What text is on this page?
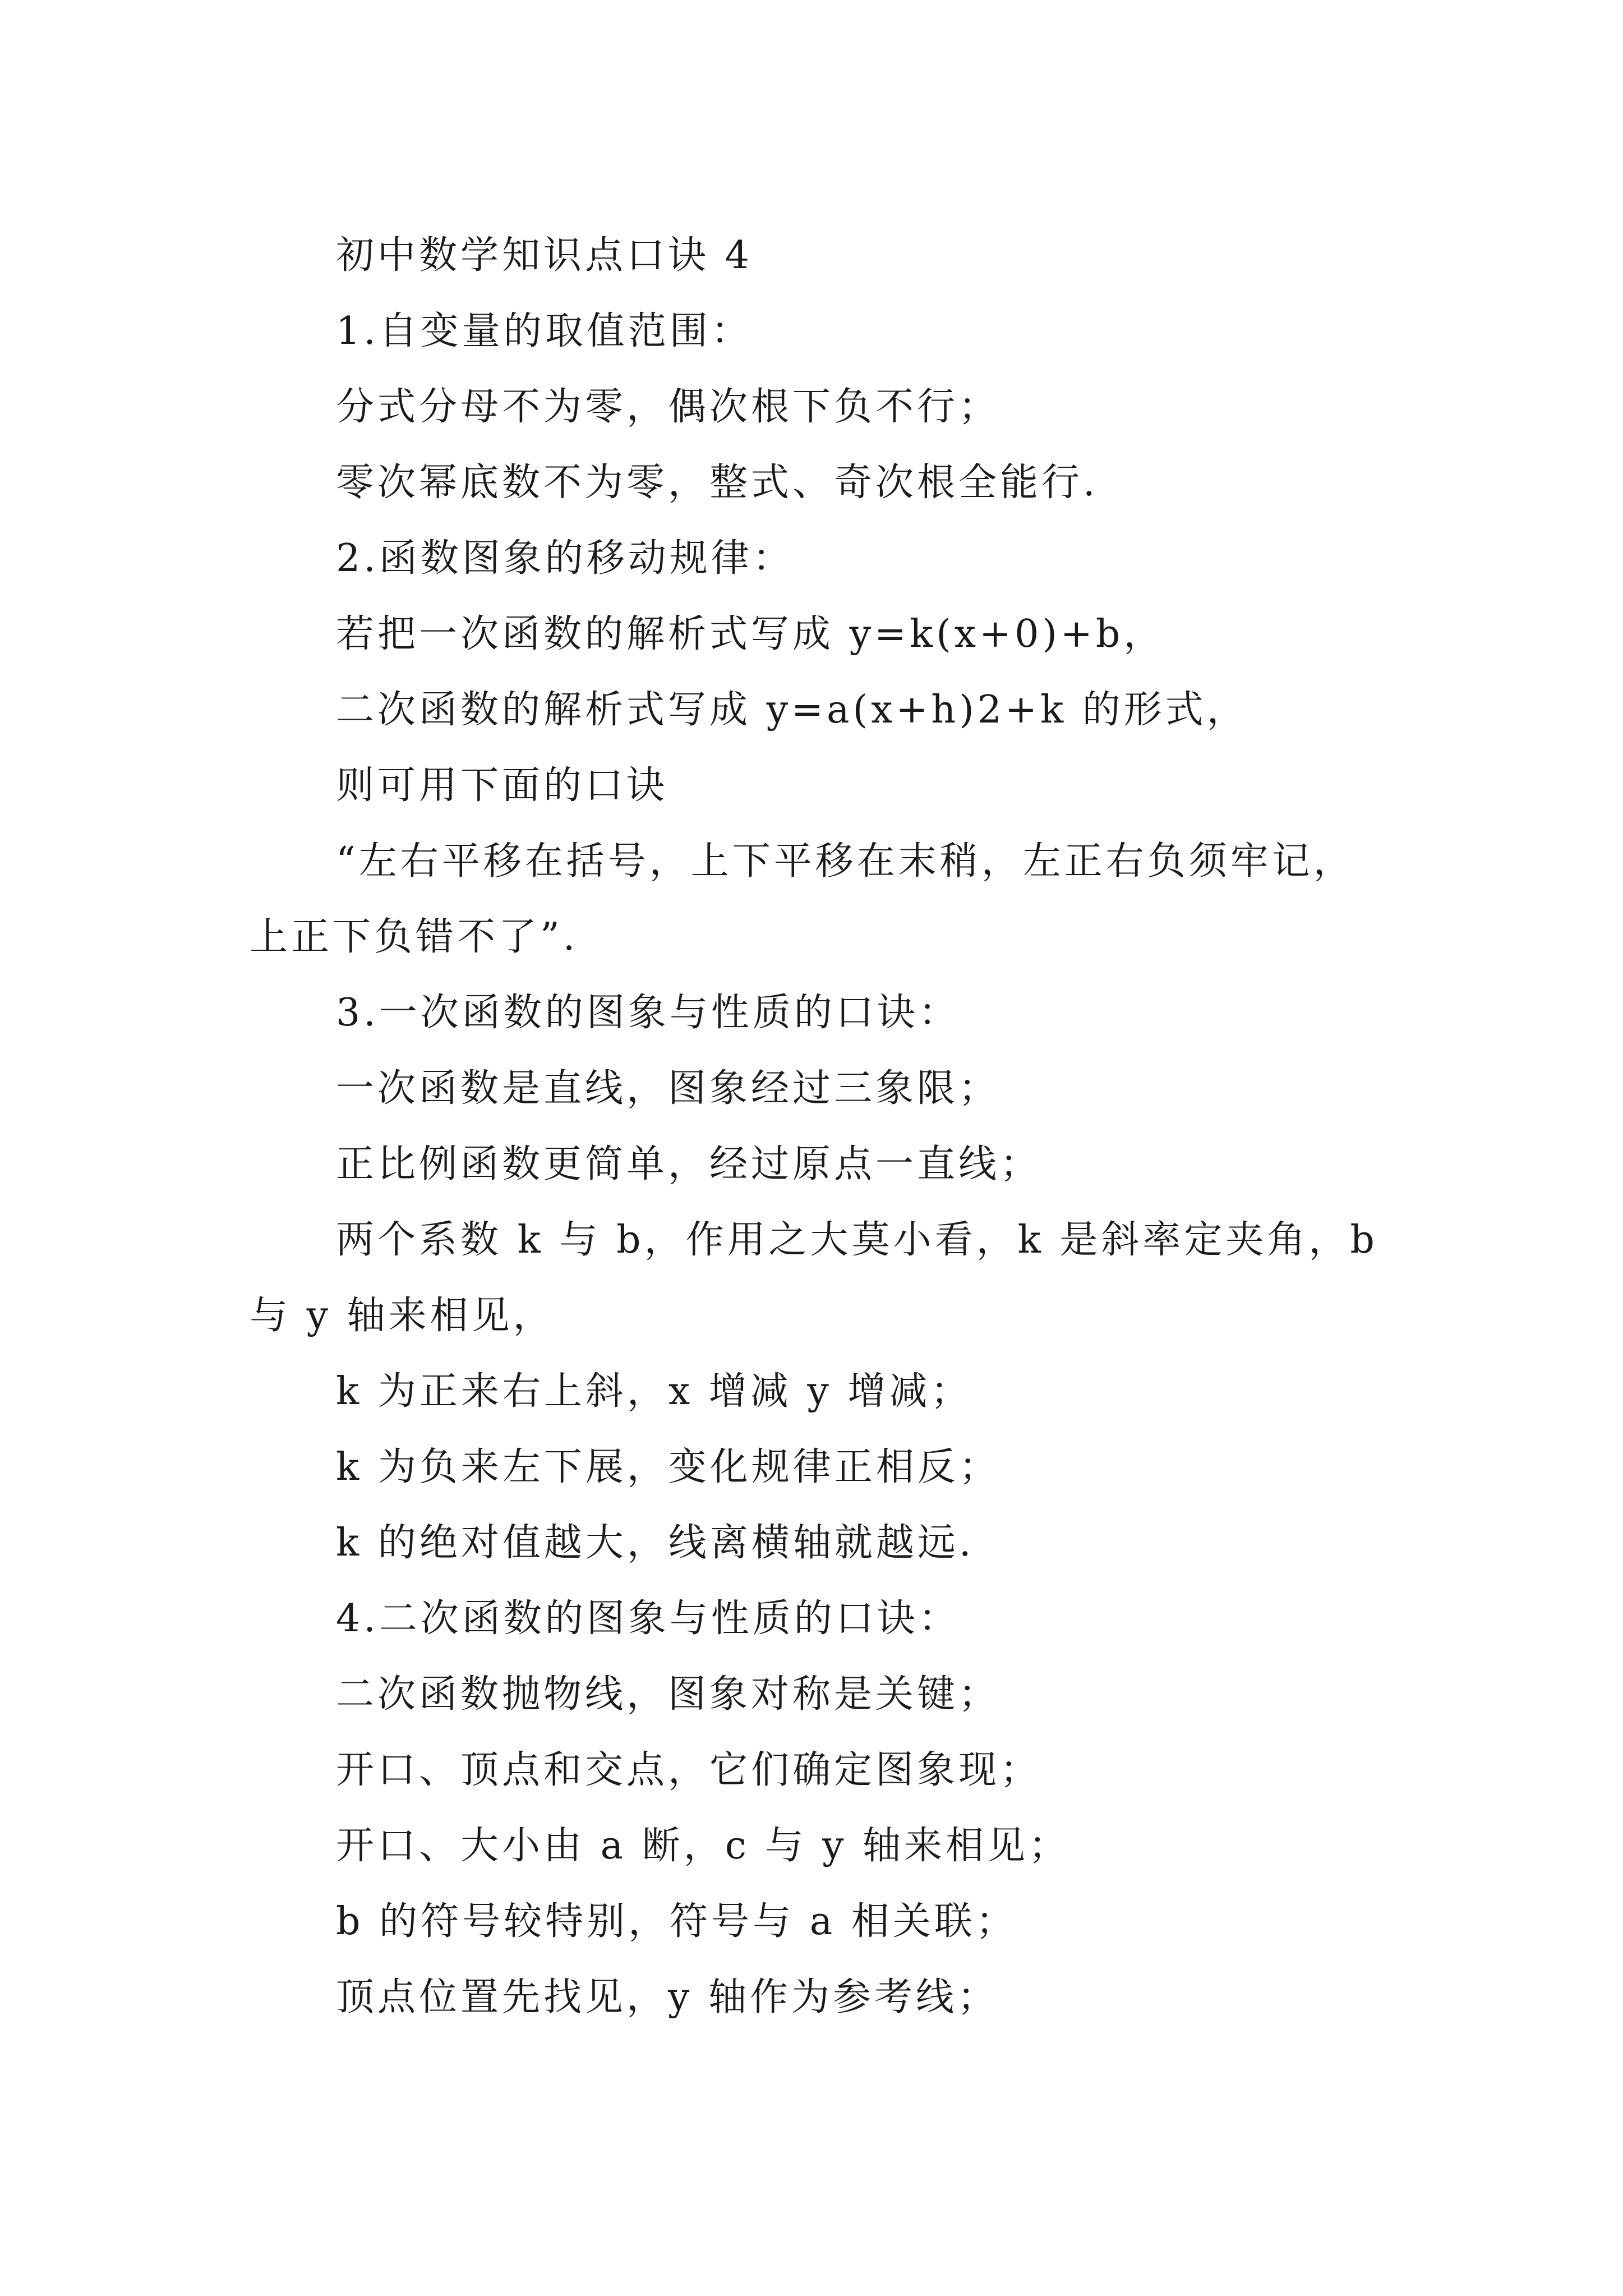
初中数学知识点口诀 4

1.自变量的取值范围：

分式分母不为零，偶次根下负不行；

零次幂底数不为零，整式、奇次根全能行.

2.函数图象的移动规律：

若把一次函数的解析式写成 y=k(x+0)+b，

二次函数的解析式写成 y=a(x+h)2+k 的形式，

则可用下面的口诀

“左右平移在括号，上下平移在末稍，左正右负须牢记，上正下负错不了”.

3.一次函数的图象与性质的口诀：

一次函数是直线，图象经过三象限；

正比例函数更简单，经过原点一直线；

两个系数 k 与 b，作用之大莫小看，k 是斜率定夹角，b 与 y 轴来相见，

k 为正来右上斜，x 增减 y 增减；

k 为负来左下展，变化规律正相反；

k 的绝对值越大，线离横轴就越远.

4.二次函数的图象与性质的口诀：

二次函数抛物线，图象对称是关键；

开口、顶点和交点，它们确定图象现；

开口、大小由 a 断，c 与 y 轴来相见；

b 的符号较特别，符号与 a 相关联；

顶点位置先找见，y 轴作为参考线；
